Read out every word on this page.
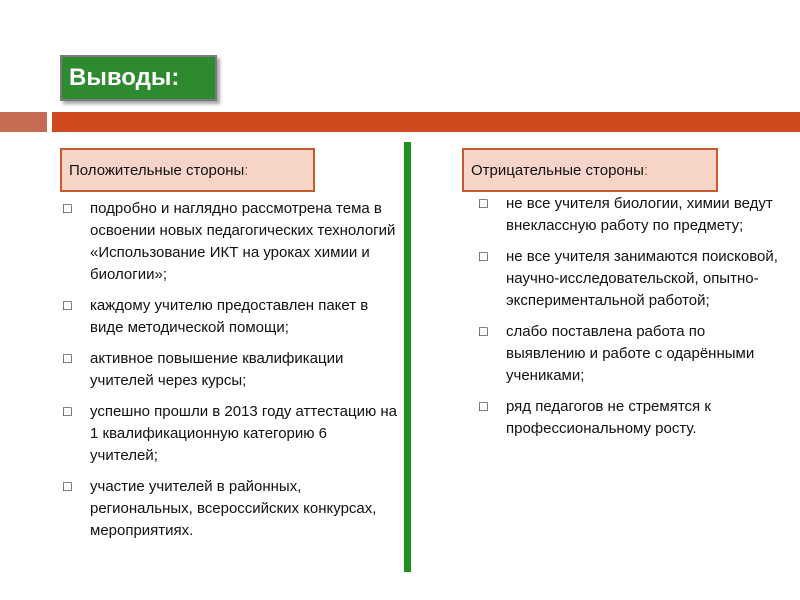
Выводы:
Положительные стороны :	Отрицательные стороны :
☐ подробно и наглядно рассмотрена тема в освоении новых педагогических технологий «Использование ИКТ на уроках химии и биологии»;
☐ каждому учителю предоставлен пакет в виде методической помощи;
☐ активное повышение квалификации учителей через курсы;
☐ успешно прошли в 2013 году аттестацию на 1 квалификационную категорию 6 учителей;
☐ участие учителей в районных, региональных, всероссийских конкурсах, мероприятиях.
☐ не все учителя биологии, химии ведут внеклассную работу по предмету;
☐ не все учителя занимаются поисковой, научно-исследовательской, опытно-экспериментальной работой;
☐ слабо поставлена работа по выявлению и работе с одарёнными учениками;
☐ ряд педагогов не стремятся к профессиональному росту.
